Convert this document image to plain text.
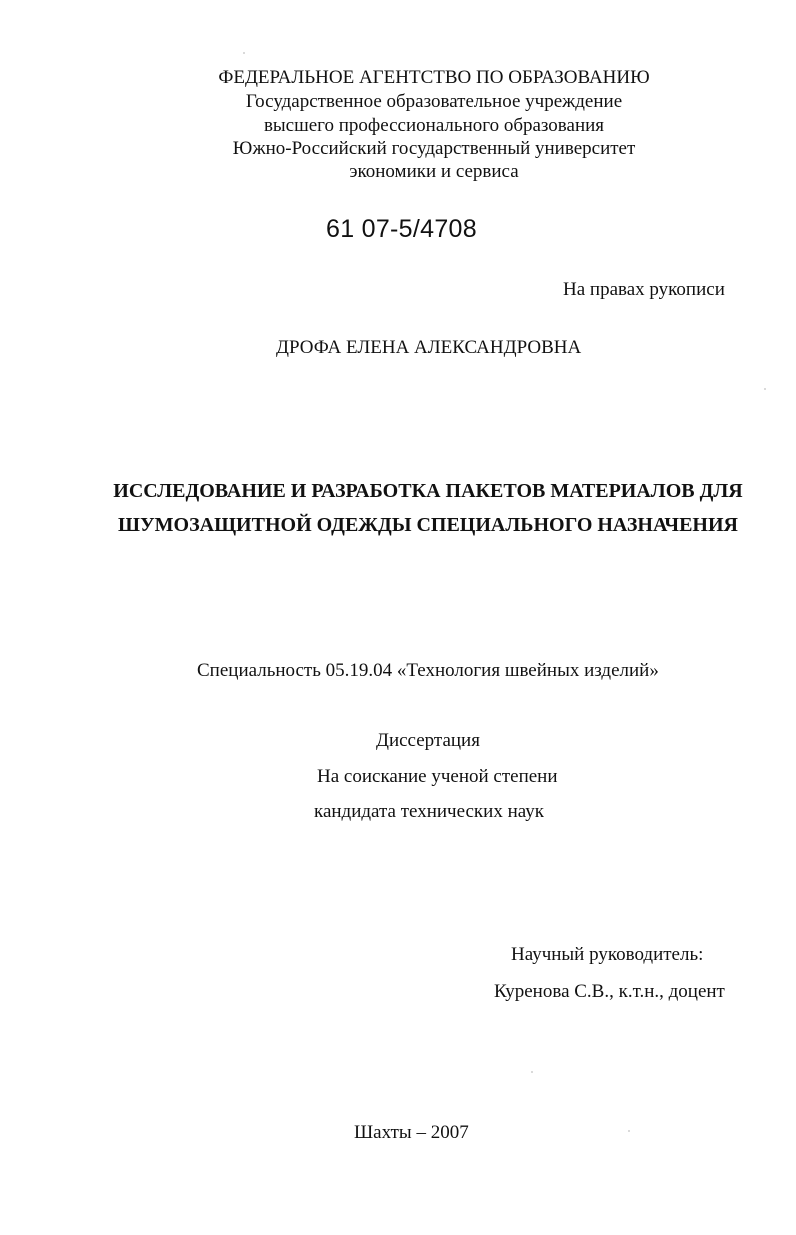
ФЕДЕРАЛЬНОЕ АГЕНТСТВО ПО ОБРАЗОВАНИЮ
Государственное образовательное учреждение
высшего профессионального образования
Южно-Российский государственный университет
экономики и сервиса
61 07-5/4708
На правах рукописи
ДРОФА ЕЛЕНА АЛЕКСАНДРОВНА
ИССЛЕДОВАНИЕ И РАЗРАБОТКА ПАКЕТОВ МАТЕРИАЛОВ ДЛЯ
ШУМОЗАЩИТНОЙ ОДЕЖДЫ СПЕЦИАЛЬНОГО НАЗНАЧЕНИЯ
Специальность 05.19.04 «Технология швейных изделий»
Диссертация
На соискание ученой степени
кандидата технических наук
Научный руководитель:
Куренова С.В., к.т.н., доцент
Шахты – 2007
